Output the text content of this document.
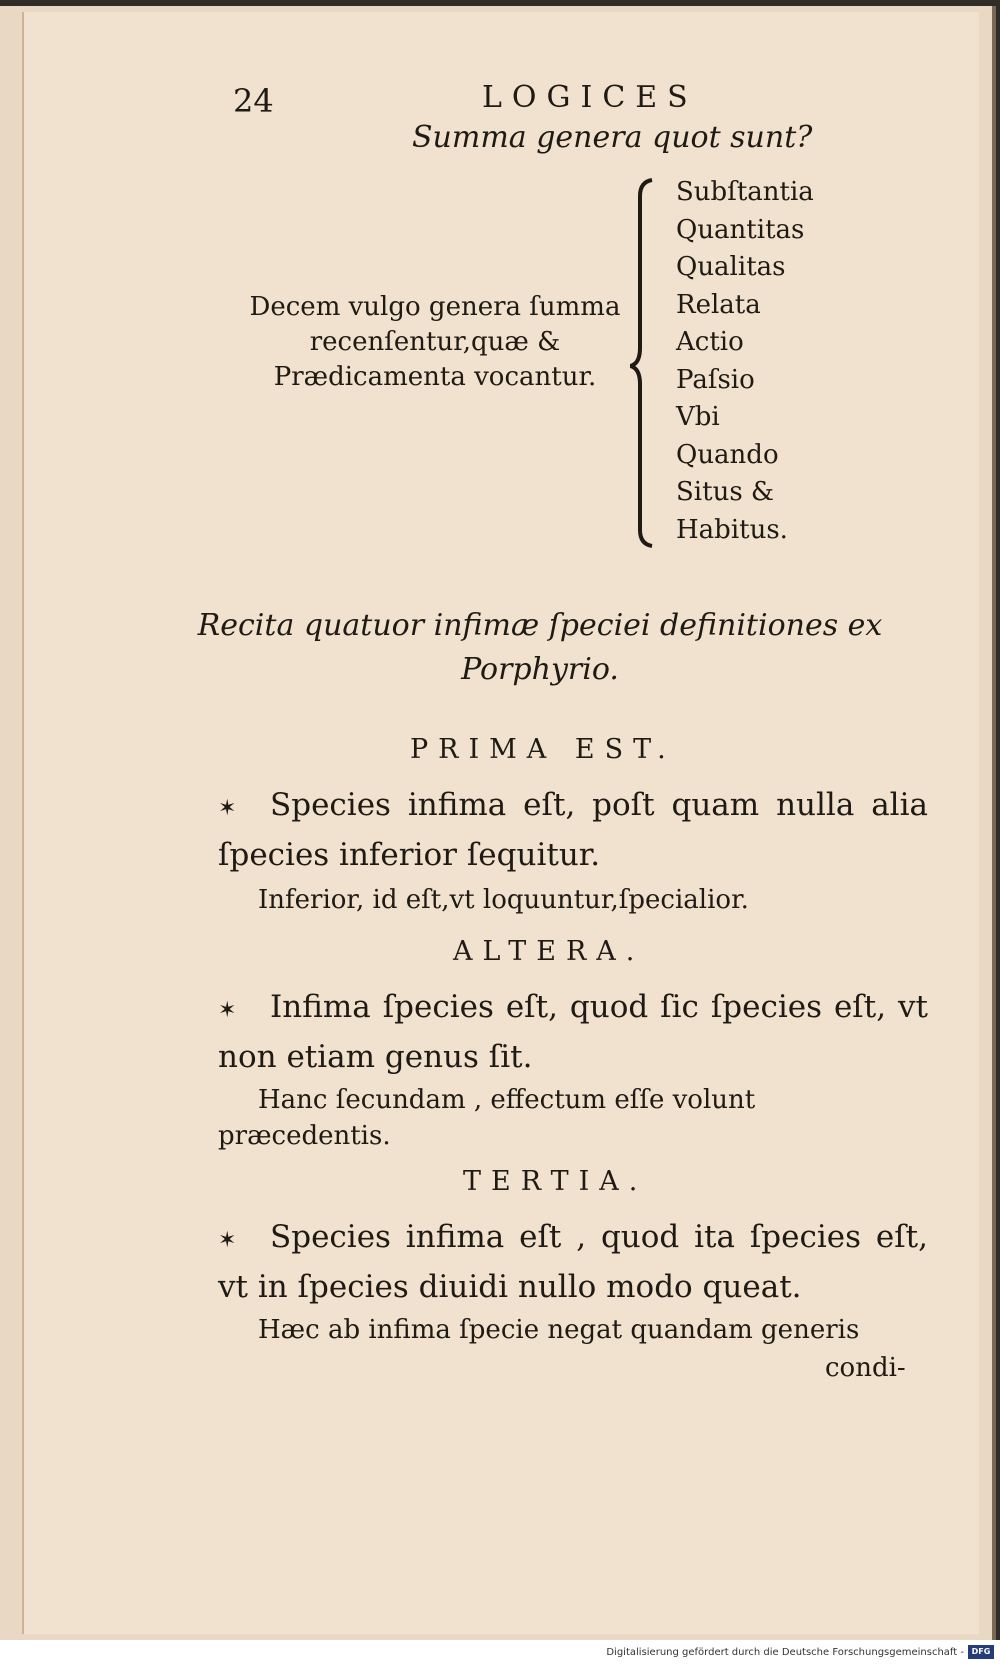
24	LOGICES
Summa genera quot sunt?
Decem vulgo genera ſumma recenſentur,quæ & Prædicamenta vocantur.
Subſtantia
Quantitas
Qualitas
Relata
Actio
Paſsio
Vbi
Quando
Situs &
Habitus.
Recita quatuor infimæ ſpeciei definitiones ex Porphyrio.
PRIMA EST.
✶ Species infima eſt, poſt quam nulla alia ſpecies inferior ſequitur.
Inferior, id eſt,vt loquuntur,ſpecialior.
ALTERA.
✶ Infima ſpecies eſt, quod ſic ſpecies eſt, vt non etiam genus ſit.
Hanc ſecundam , effectum eſſe volunt præcedentis.
TERTIA.
✶ Species infima eſt , quod ita ſpecies eſt, vt in ſpecies diuidi nullo modo queat.
Hæc ab infima ſpecie negat quandam generis
condi-
Digitalisierung gefördert durch die Deutsche Forschungsgemeinschaft - DFG
